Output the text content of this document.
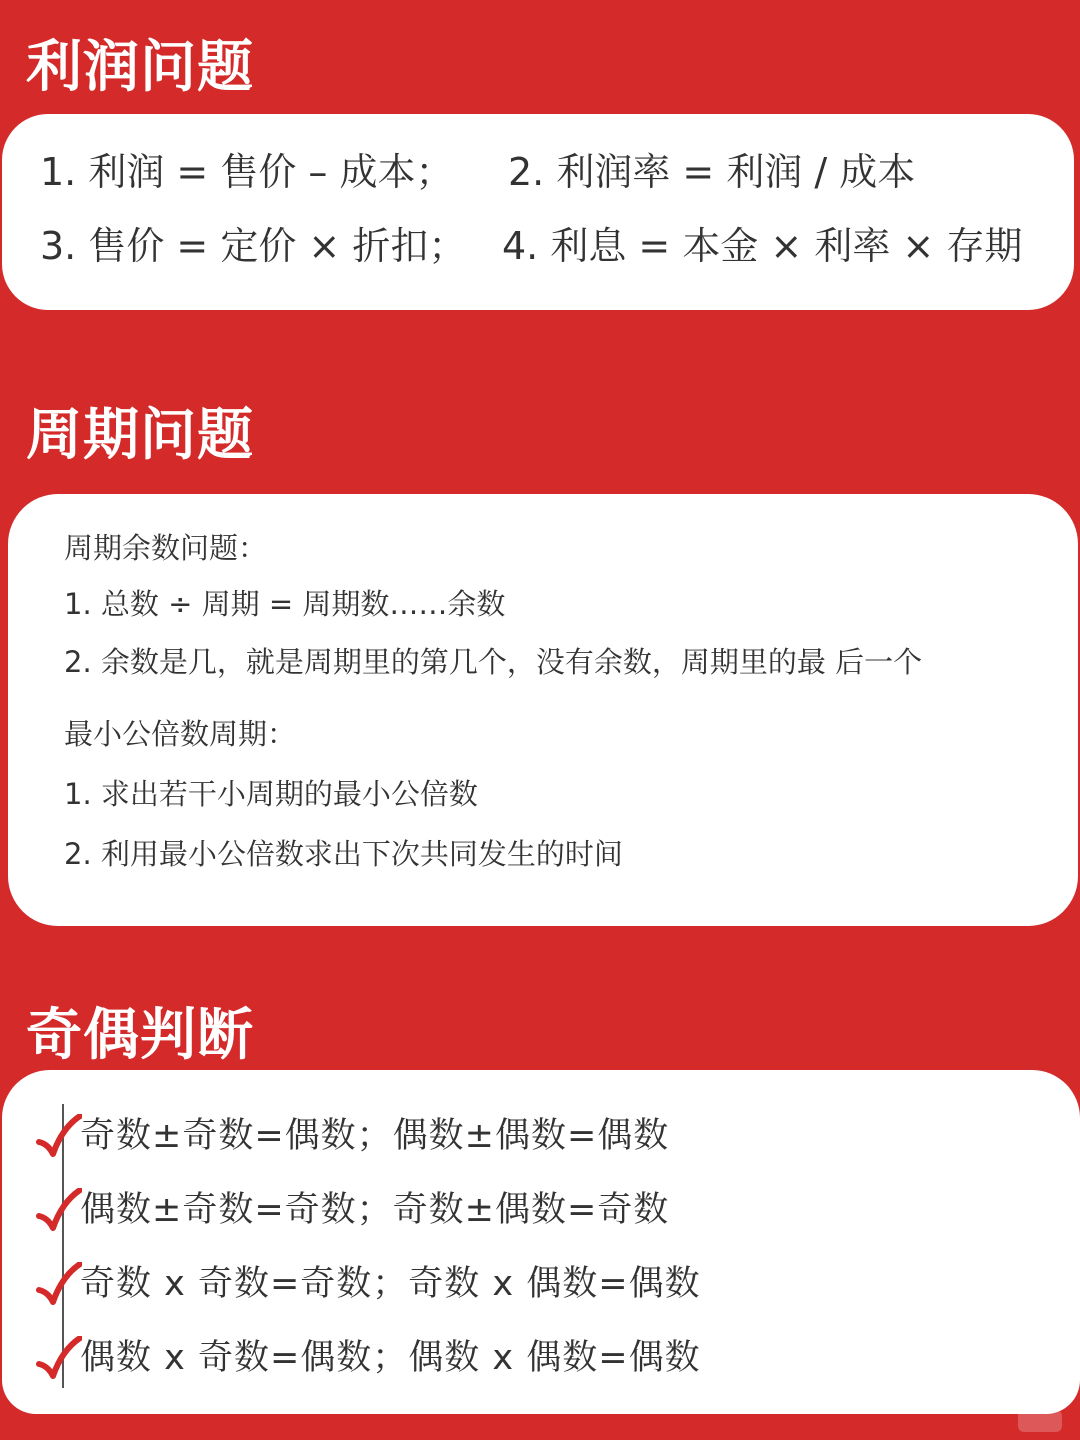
利润问题

1. 利润 = 售价 – 成本； 2. 利润率 = 利润 / 成本

3. 售价 = 定价 × 折扣； 4. 利息 = 本金 × 利率 × 存期

周期问题

周期余数问题：

1. 总数 ÷ 周期 = 周期数……余数

2. 余数是几，就是周期里的第几个，没有余数，周期里的最 后一个

最小公倍数周期：

1. 求出若干小周期的最小公倍数

2. 利用最小公倍数求出下次共同发生的时间

奇偶判断

奇数±奇数=偶数；偶数±偶数=偶数

偶数±奇数=奇数；奇数±偶数=奇数

奇数 x 奇数=奇数；奇数 x 偶数=偶数

偶数 x 奇数=偶数；偶数 x 偶数=偶数
